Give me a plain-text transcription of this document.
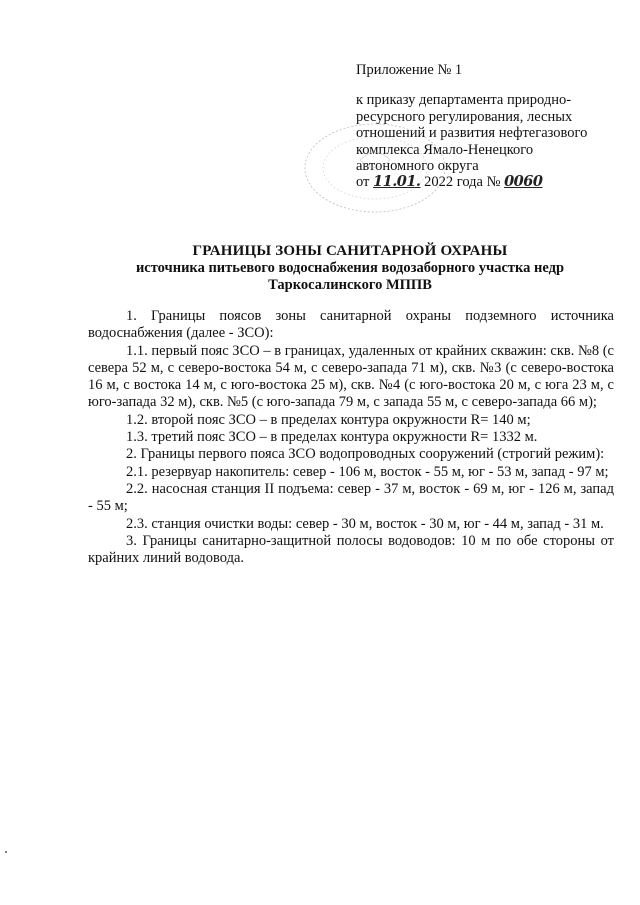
Приложение № 1
к приказу департамента природно-
ресурсного регулирования, лесных
отношений и развития нефтегазового
комплекса Ямало-Ненецкого
автономного округа
от 11.01. 2022 года № 0060
ГРАНИЦЫ ЗОНЫ САНИТАРНОЙ ОХРАНЫ
источника питьевого водоснабжения водозаборного участка недр
Таркосалинского МППВ

1. Границы поясов зоны санитарной охраны подземного источника водоснабжения (далее - ЗСО):

1.1. первый пояс ЗСО – в границах, удаленных от крайних скважин: скв. №8 (с севера 52 м, с северо-востока 54 м, с северо-запада 71 м), скв. №3 (с северо-востока 16 м, с востока 14 м, с юго-востока 25 м), скв. №4 (с юго-востока 20 м, с юга 23 м, с юго-запада 32 м), скв. №5 (с юго-запада 79 м, с запада 55 м, с северо-запада 66 м);

1.2. второй пояс ЗСО – в пределах контура окружности R= 140 м;

1.3. третий пояс ЗСО – в пределах контура окружности R= 1332 м.

2. Границы первого пояса ЗСО водопроводных сооружений (строгий режим):

2.1. резервуар накопитель: север - 106 м, восток - 55 м, юг - 53 м, запад - 97 м;

2.2. насосная станция II подъема: север - 37 м, восток - 69 м, юг - 126 м, запад - 55 м;

2.3. станция очистки воды: север - 30 м, восток - 30 м, юг - 44 м, запад - 31 м.

3. Границы санитарно-защитной полосы водоводов: 10 м по обе стороны от крайних линий водовода.
